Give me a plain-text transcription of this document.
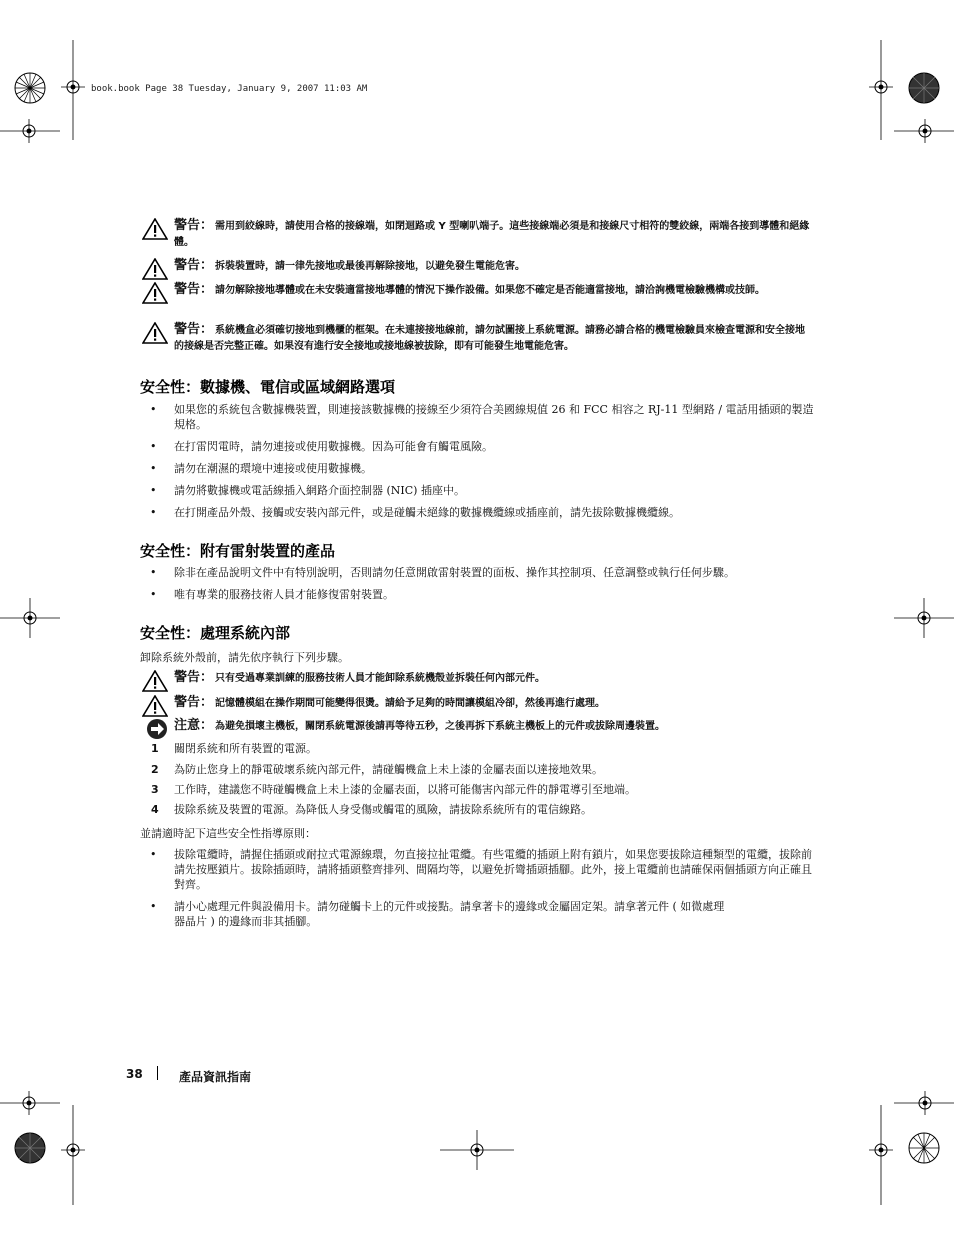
book.book Page 38 Tuesday, January 9, 2007 11:03 AM
警告： 需用到絞線時，請使用合格的接線端，如閉迴路或 Y 型喇叭端子。這些接線端必須是和接線尺寸相符的雙絞線，兩端各接到導體和絕緣體。
警告： 拆裝裝置時，請一律先接地或最後再解除接地，以避免發生電能危害。
警告： 請勿解除接地導體或在未安裝適當接地導體的情況下操作設備。如果您不確定是否能適當接地，請洽詢機電檢驗機構或技師。
警告： 系統機盒必須確切接地到機櫃的框架。在未連接接地線前，請勿試圖接上系統電源。請務必請合格的機電檢驗員來檢查電源和安全接地的接線是否完整正確。如果沒有進行安全接地或接地線被拔除，即有可能發生地電能危害。
安全性：數據機、電信或區域網路選項
• 如果您的系統包含數據機裝置，則連接該數據機的接線至少須符合美國線規值 26 和 FCC 相容之 RJ-11 型網路 / 電話用插頭的製造規格。
• 在打雷閃電時，請勿連接或使用數據機。因為可能會有觸電風險。
• 請勿在潮濕的環境中連接或使用數據機。
• 請勿將數據機或電話線插入網路介面控制器 (NIC) 插座中。
• 在打開產品外殼、接觸或安裝內部元件，或是碰觸未絕緣的數據機纜線或插座前，請先拔除數據機纜線。
安全性：附有雷射裝置的產品
• 除非在產品說明文件中有特別說明，否則請勿任意開啟雷射裝置的面板、操作其控制項、任意調整或執行任何步驟。
• 唯有專業的服務技術人員才能修復雷射裝置。
安全性：處理系統內部
卸除系統外殼前，請先依序執行下列步驟。
警告： 只有受過專業訓練的服務技術人員才能卸除系統機殼並拆裝任何內部元件。
警告： 記憶體模組在操作期間可能變得很燙。請給予足夠的時間讓模組冷卻，然後再進行處理。
注意： 為避免損壞主機板，關閉系統電源後請再等待五秒，之後再拆下系統主機板上的元件或拔除周邊裝置。
1 關閉系統和所有裝置的電源。
2 為防止您身上的靜電破壞系統內部元件，請碰觸機盒上未上漆的金屬表面以達接地效果。
3 工作時，建議您不時碰觸機盒上未上漆的金屬表面，以將可能傷害內部元件的靜電導引至地端。
4 拔除系統及裝置的電源。為降低人身受傷或觸電的風險，請拔除系統所有的電信線路。
並請適時記下這些安全性指導原則：
• 拔除電纜時，請握住插頭或耐拉式電源線環，勿直接拉扯電纜。有些電纜的插頭上附有鎖片，如果您要拔除這種類型的電纜，拔除前請先按壓鎖片。拔除插頭時，請將插頭整齊排列、間隔均等，以避免折彎插頭插腳。此外，接上電纜前也請確保兩個插頭方向正確且對齊。
• 請小心處理元件與設備用卡。請勿碰觸卡上的元件或接點。請拿著卡的邊緣或金屬固定架。請拿著元件 ( 如微處理器晶片 ) 的邊緣而非其插腳。
38	產品資訊指南
